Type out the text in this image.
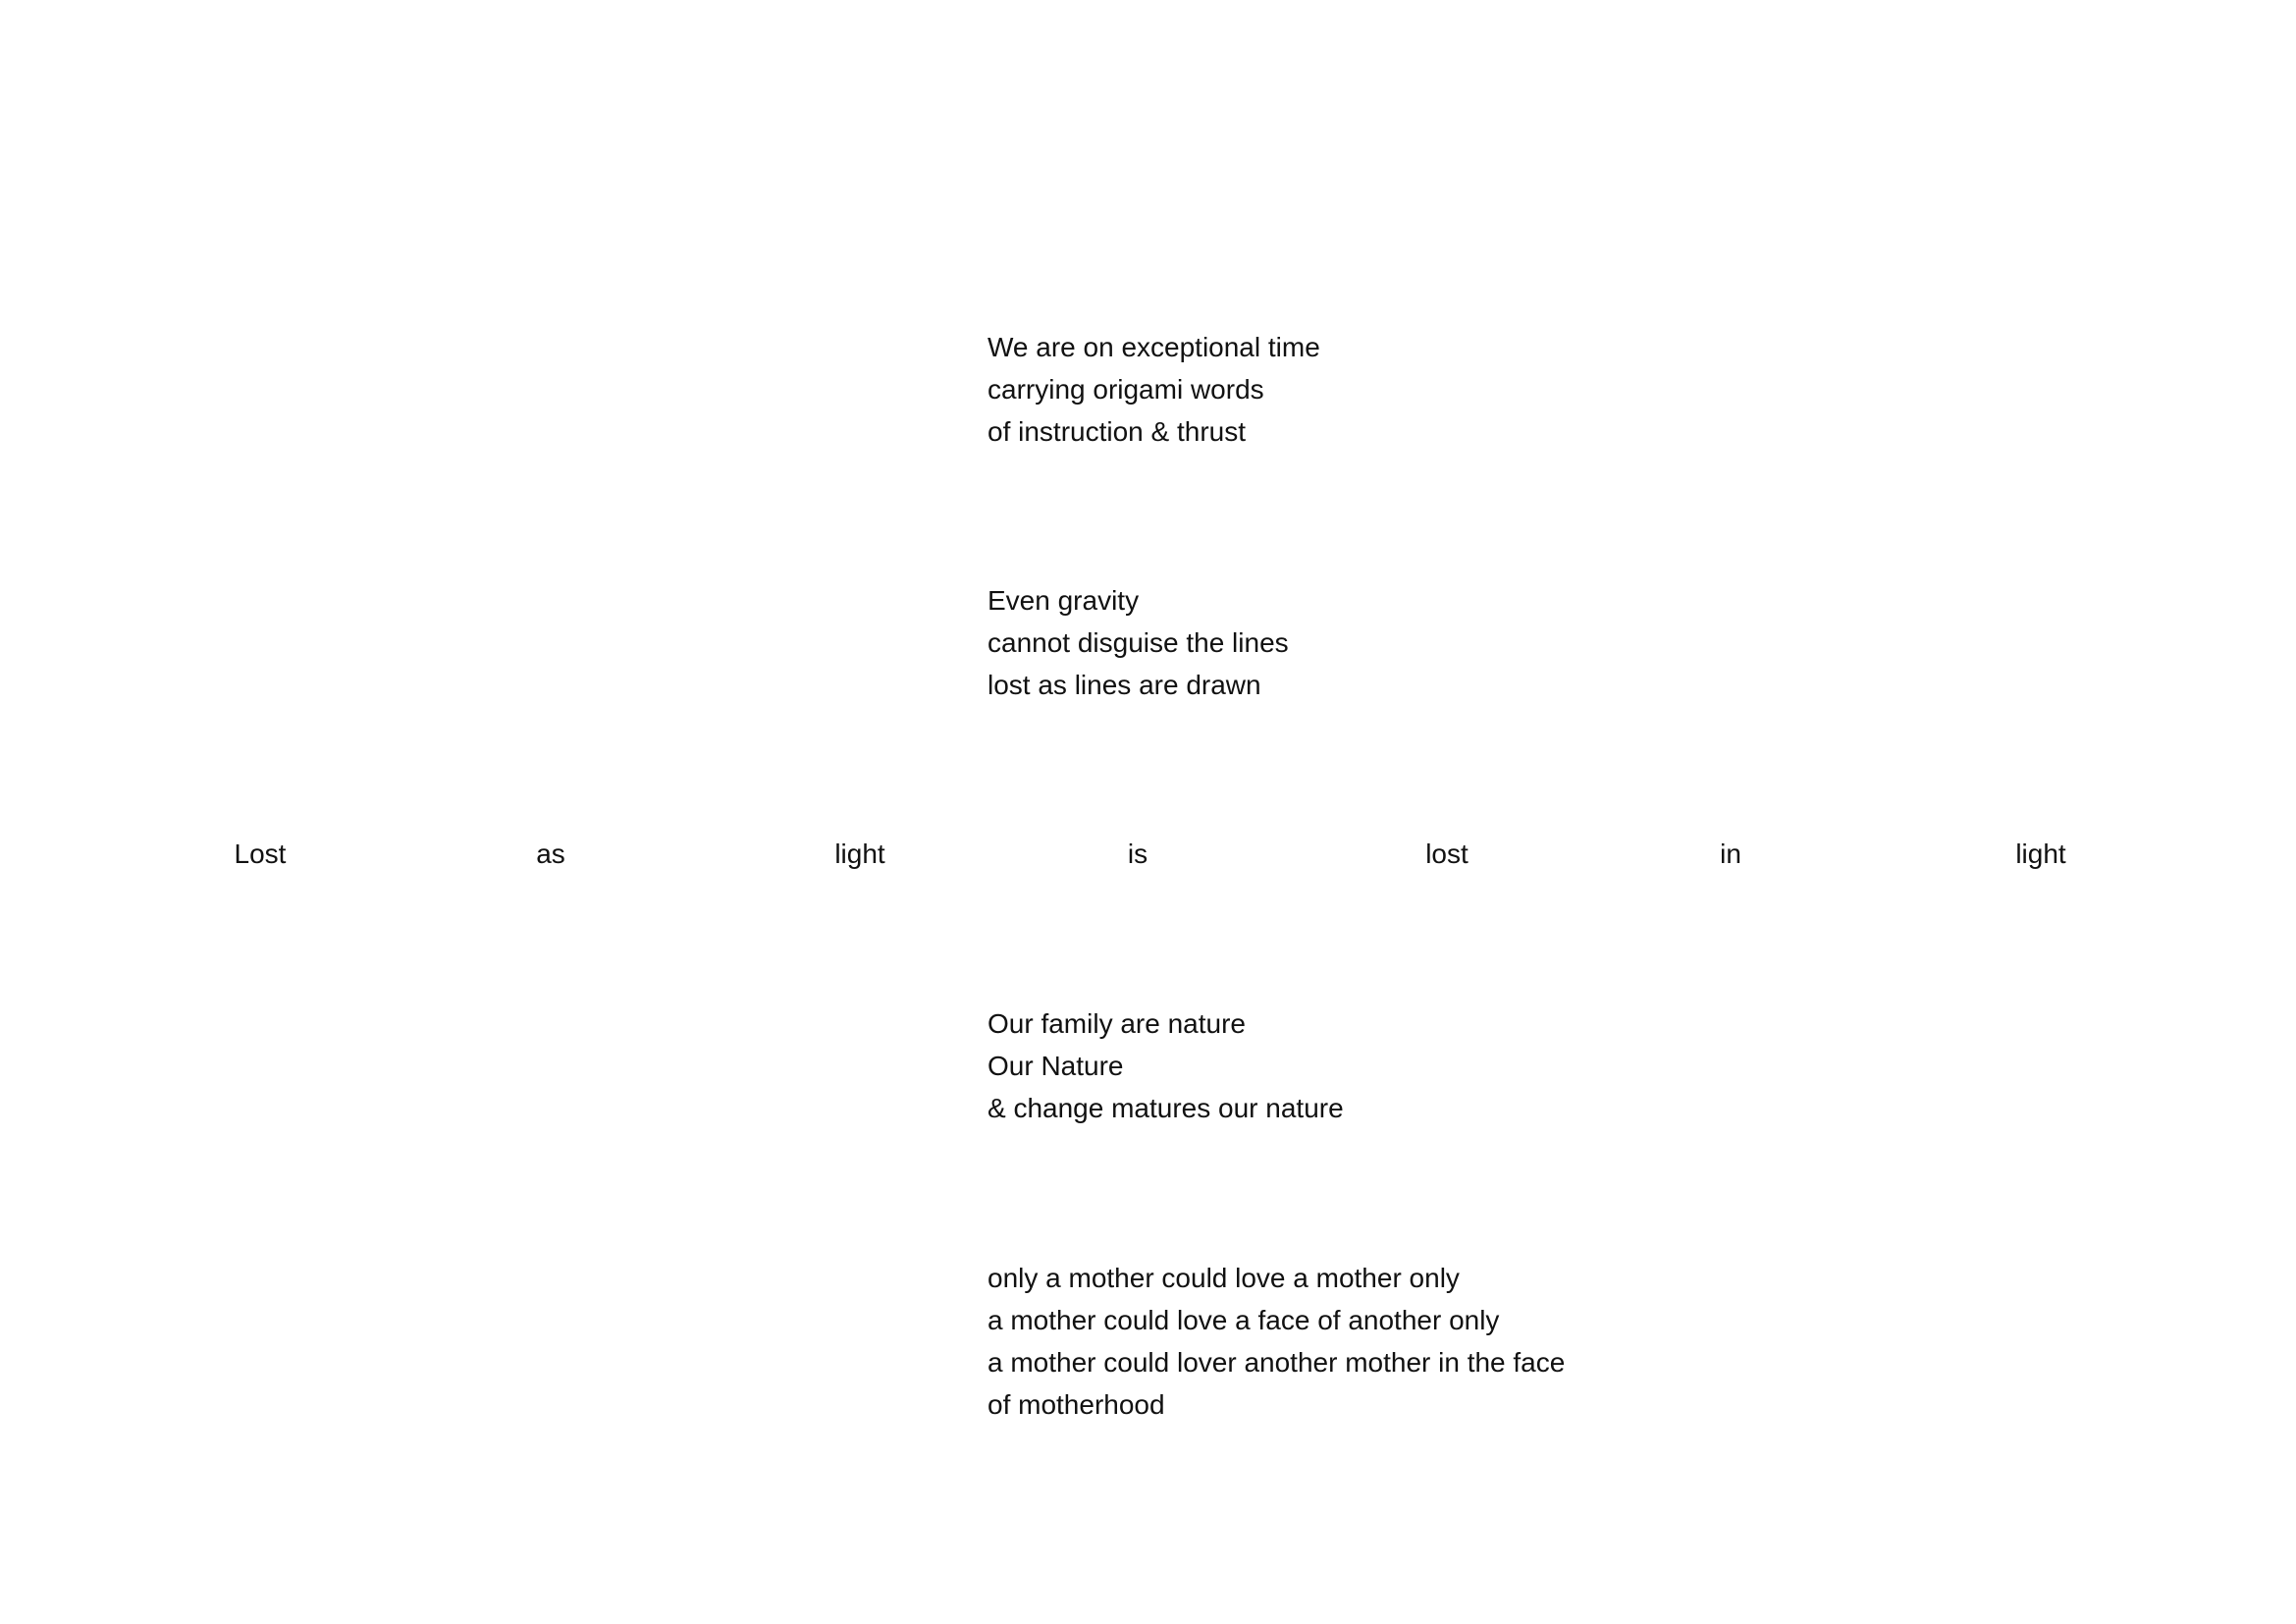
We are on exceptional time
carrying origami words
of instruction & thrust
Even gravity
cannot disguise the lines
lost as lines are drawn
Lost	as	light	is	lost	in	light
Our family are nature
Our Nature
& change matures our nature
only a mother could love a mother only
a mother could love a face of another only
a mother could lover another mother in the face
of motherhood
